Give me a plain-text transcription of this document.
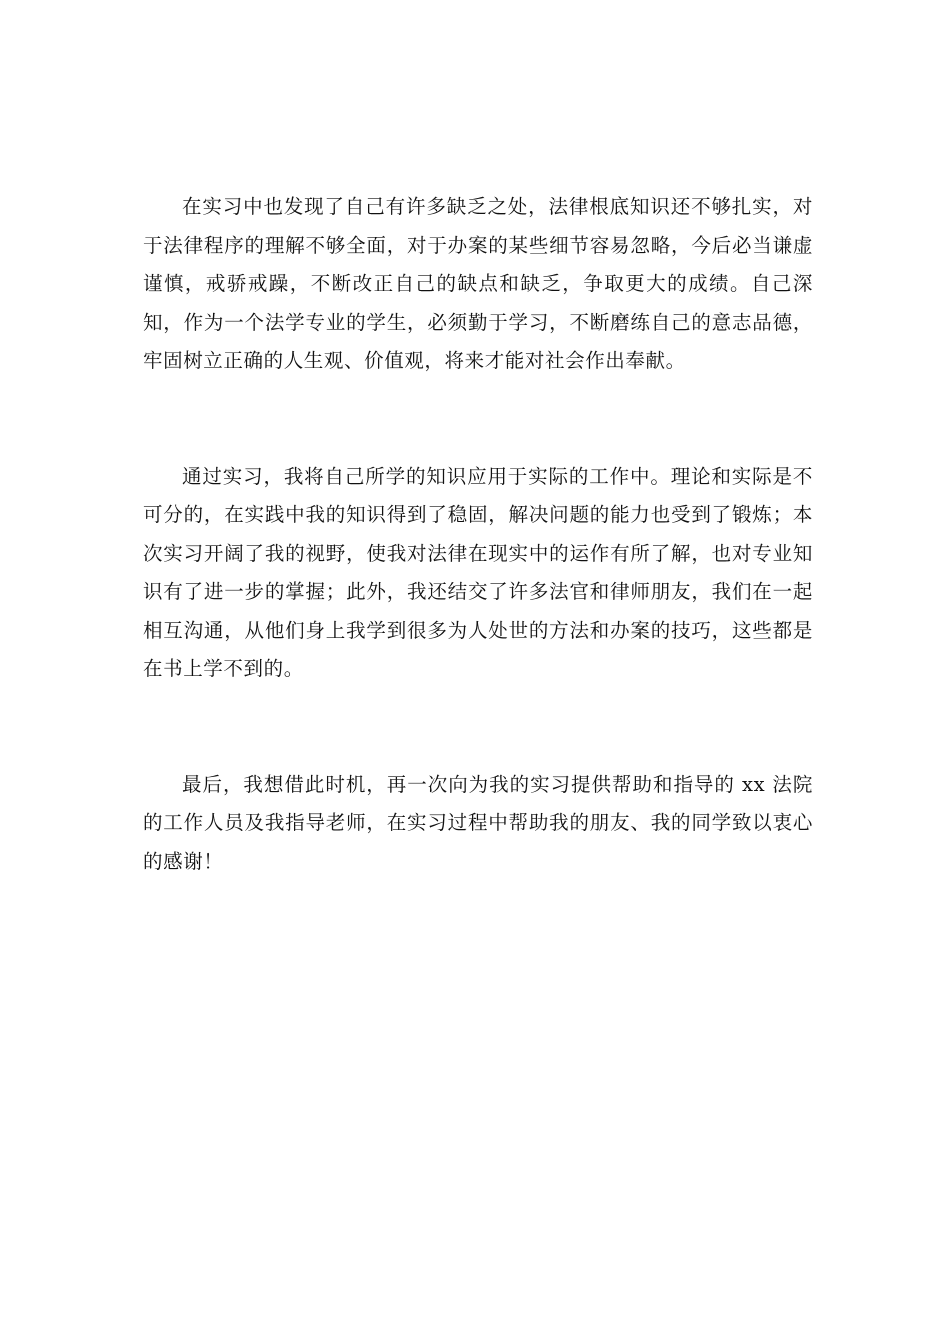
在实习中也发现了自己有许多缺乏之处，法律根底知识还不够扎实，对于法律程序的理解不够全面，对于办案的某些细节容易忽略，今后必当谦虚谨慎，戒骄戒躁，不断改正自己的缺点和缺乏，争取更大的成绩。自己深知，作为一个法学专业的学生，必须勤于学习，不断磨练自己的意志品德，牢固树立正确的人生观、价值观，将来才能对社会作出奉献。

通过实习，我将自己所学的知识应用于实际的工作中。理论和实际是不可分的，在实践中我的知识得到了稳固，解决问题的能力也受到了锻炼；本次实习开阔了我的视野，使我对法律在现实中的运作有所了解，也对专业知识有了进一步的掌握；此外，我还结交了许多法官和律师朋友，我们在一起相互沟通，从他们身上我学到很多为人处世的方法和办案的技巧，这些都是在书上学不到的。

最后，我想借此时机，再一次向为我的实习提供帮助和指导的 xx 法院的工作人员及我指导老师，在实习过程中帮助我的朋友、我的同学致以衷心的感谢！
